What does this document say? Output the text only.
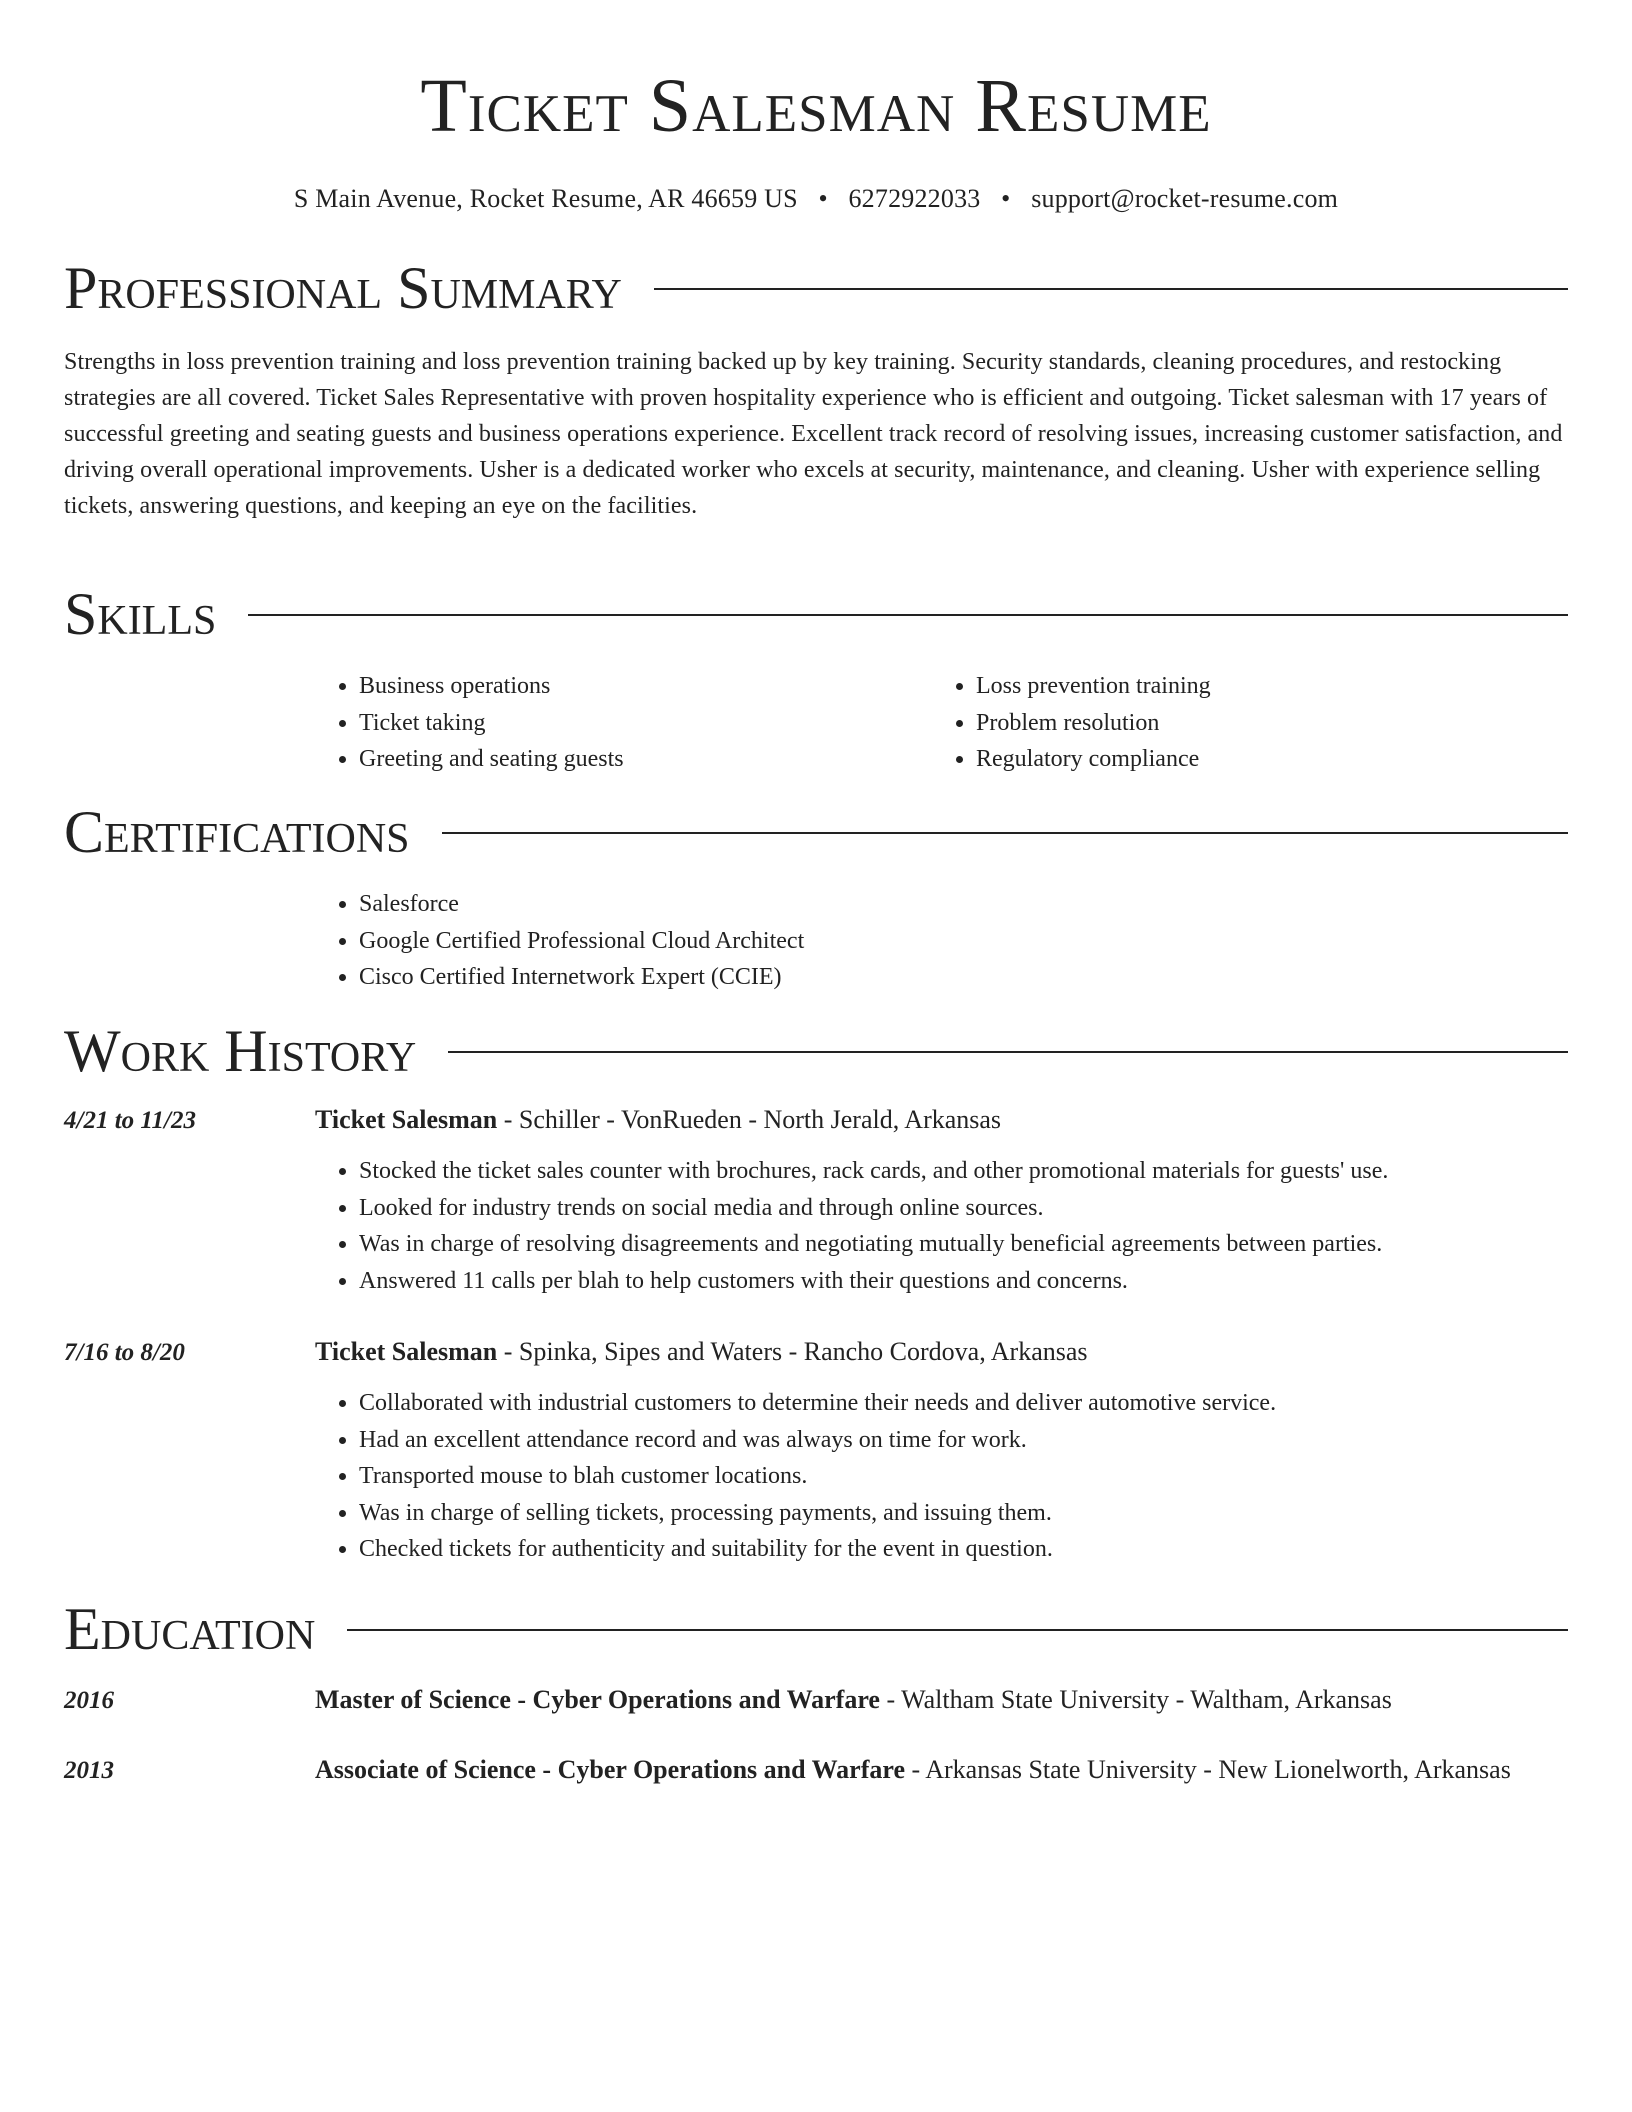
Ticket Salesman Resume
S Main Avenue, Rocket Resume, AR 46659 US • 6272922033 • support@rocket-resume.com
Professional Summary

Strengths in loss prevention training and loss prevention training backed up by key training. Security standards, cleaning procedures, and restocking strategies are all covered. Ticket Sales Representative with proven hospitality experience who is efficient and outgoing. Ticket salesman with 17 years of successful greeting and seating guests and business operations experience. Excellent track record of resolving issues, increasing customer satisfaction, and driving overall operational improvements. Usher is a dedicated worker who excels at security, maintenance, and cleaning. Usher with experience selling tickets, answering questions, and keeping an eye on the facilities.

Skills
• Business operations
• Ticket taking
• Greeting and seating guests
• Loss prevention training
• Problem resolution
• Regulatory compliance
Certifications
• Salesforce
• Google Certified Professional Cloud Architect
• Cisco Certified Internetwork Expert (CCIE)
Work History
4/21 to 11/23	Ticket Salesman - Schiller - VonRueden - North Jerald, Arkansas
• Stocked the ticket sales counter with brochures, rack cards, and other promotional materials for guests' use.
• Looked for industry trends on social media and through online sources.
• Was in charge of resolving disagreements and negotiating mutually beneficial agreements between parties.
• Answered 11 calls per blah to help customers with their questions and concerns.
7/16 to 8/20	Ticket Salesman - Spinka, Sipes and Waters - Rancho Cordova, Arkansas
• Collaborated with industrial customers to determine their needs and deliver automotive service.
• Had an excellent attendance record and was always on time for work.
• Transported mouse to blah customer locations.
• Was in charge of selling tickets, processing payments, and issuing them.
• Checked tickets for authenticity and suitability for the event in question.
Education
2016	Master of Science - Cyber Operations and Warfare - Waltham State University - Waltham, Arkansas
2013	Associate of Science - Cyber Operations and Warfare - Arkansas State University - New Lionelworth, Arkansas
